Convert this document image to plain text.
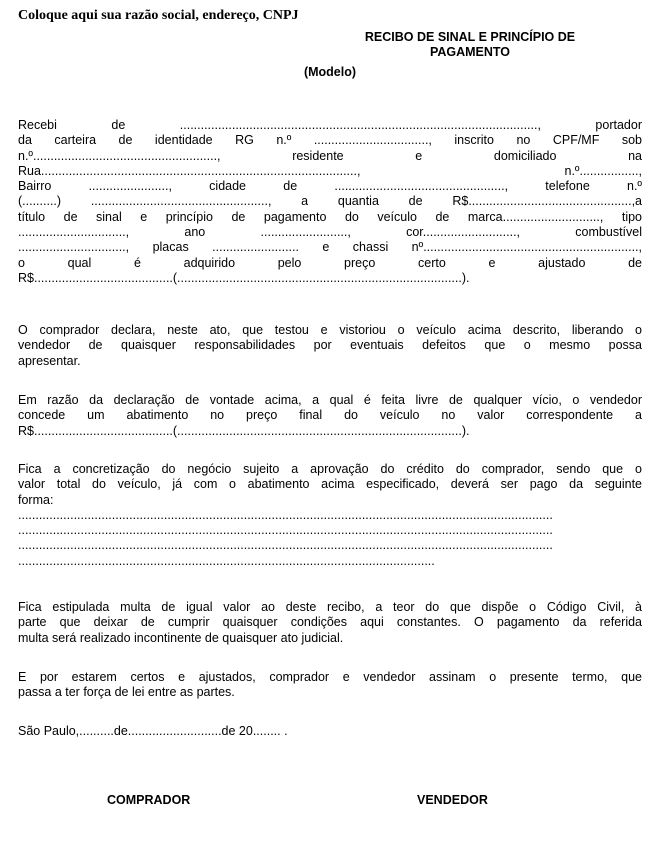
Coloque aqui sua razão social, endereço, CNPJ
RECIBO DE SINAL E PRINCÍPIO DE
PAGAMENTO
(Modelo)
Recebi de ......................................................................................................., portador
da carteira de identidade RG n.º ................................., inscrito no CPF/MF sob
n.º....................................................., residente e domiciliado na
Rua..........................................................................................., n.º.................,
Bairro ......................., cidade de ................................................., telefone n.º
(..........) ..................................................., a quantia de R$...............................................,a
título de sinal e princípio de pagamento do veículo de marca............................, tipo
..............................., ano ........................., cor..........................., combustível
..............................., placas ......................... e chassi nº..............................................................,
o qual é adquirido pelo preço certo e ajustado de
R$........................................(..................................................................................).
O comprador declara, neste ato, que testou e vistoriou o veículo acima descrito, liberando o
vendedor de quaisquer responsabilidades por eventuais defeitos que o mesmo possa
apresentar.
Em razão da declaração de vontade acima, a qual é feita livre de qualquer vício, o vendedor
concede um abatimento no preço final do veículo no valor correspondente a
R$........................................(..................................................................................).
Fica a concretização do negócio sujeito a aprovação do crédito do comprador, sendo que o
valor total do veículo, já com o abatimento acima especificado, deverá ser pago da seguinte
forma:
..........................................................................................................................................................
..........................................................................................................................................................
..........................................................................................................................................................
........................................................................................................................
Fica estipulada multa de igual valor ao deste recibo, a teor do que dispõe o Código Civil, à
parte que deixar de cumprir quaisquer condições aqui constantes. O pagamento da referida
multa será realizado incontinente de quaisquer ato judicial.
E por estarem certos e ajustados, comprador e vendedor assinam o presente termo, que
passa a ter força de lei entre as partes.
São Paulo,..........de...........................de 20........ .
COMPRADOR	VENDEDOR
